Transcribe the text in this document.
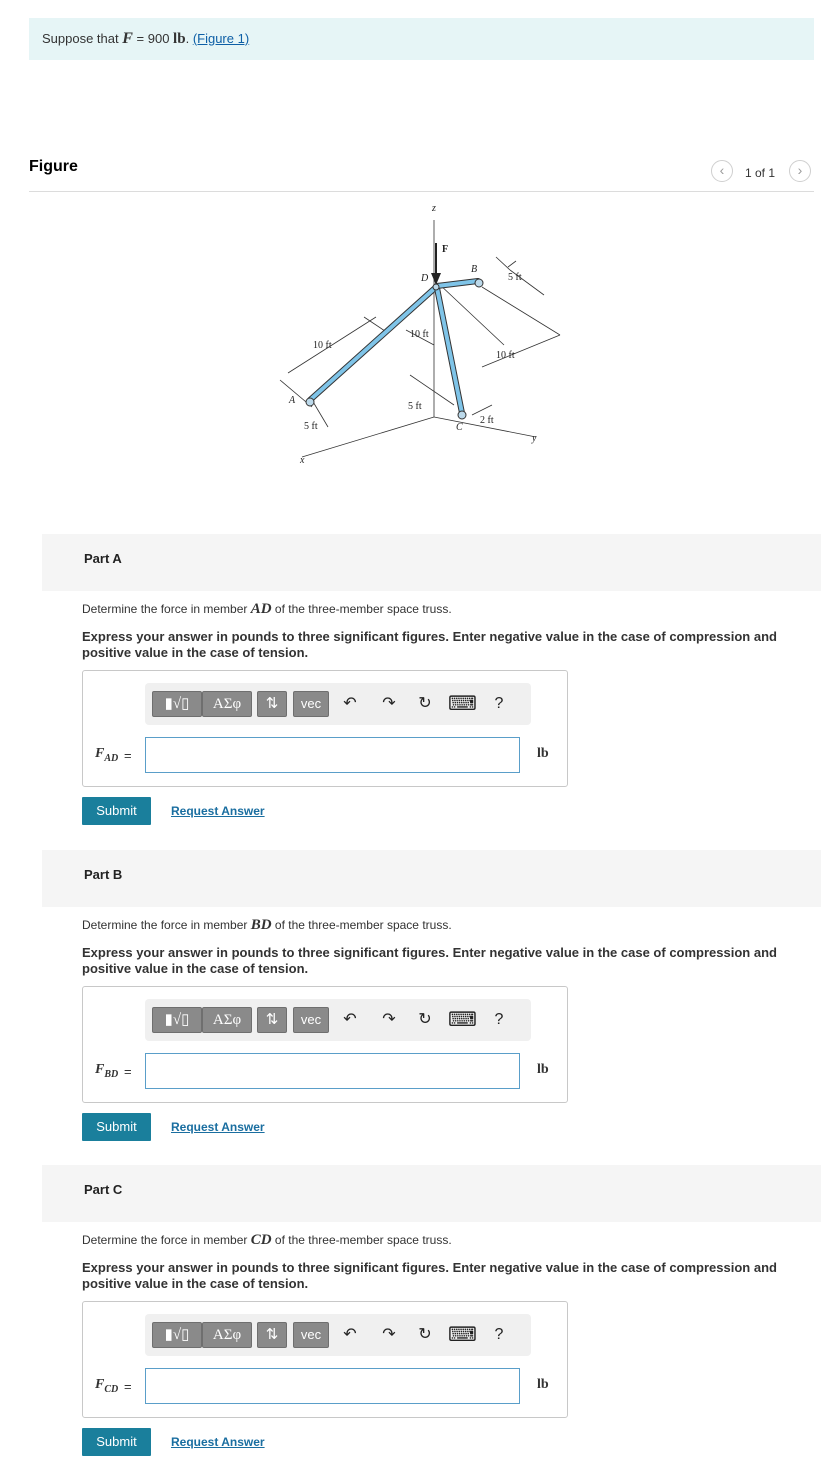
Suppose that F = 900 lb. (Figure 1)
Figure	‹	1 of 1	›
z
F
D
B
A
C
x
y
5 ft
10 ft
10 ft
10 ft
5 ft
5 ft
2 ft
Part A
Determine the force in member AD of the three-member space truss.
Express your answer in pounds to three significant figures. Enter negative value in the case of compression and positive value in the case of tension.
▮√▯	ΑΣφ	⇅	vec	↶	↷	↻ ⌨	?
$F_{AD}$ =	lb
Submit	Request Answer
Part B
Determine the force in member BD of the three-member space truss.
Express your answer in pounds to three significant figures. Enter negative value in the case of compression and positive value in the case of tension.
▮√▯	ΑΣφ	⇅	vec	↶	↷	↻ ⌨	?
$F_{BD}$ =	lb
Submit	Request Answer
Part C
Determine the force in member CD of the three-member space truss.
Express your answer in pounds to three significant figures. Enter negative value in the case of compression and positive value in the case of tension.
▮√▯	ΑΣφ	⇅	vec	↶	↷	↻ ⌨	?
$F_{CD}$ =	lb
Submit	Request Answer
